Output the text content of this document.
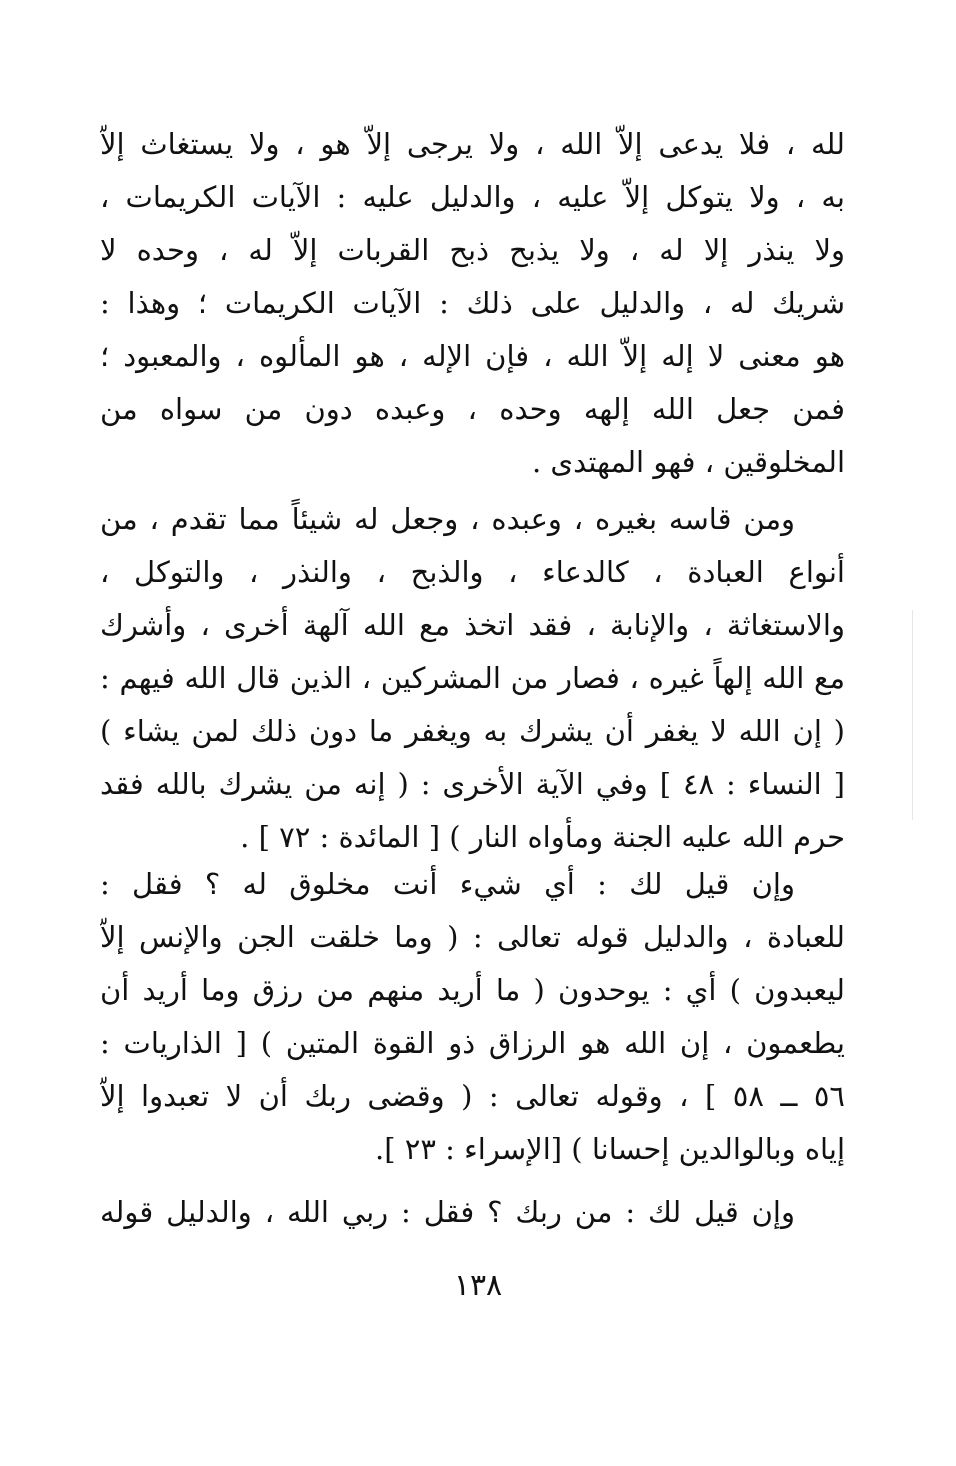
لله ، فلا يدعى إلاّ الله ، ولا يرجى إلاّ هو ، ولا يستغاث إلاّ
به ، ولا يتوكل إلاّ عليه ، والدليل عليه : الآيات الكريمات ،
ولا ينذر إلا له ، ولا يذبح ذبح القربات إلاّ له ، وحده لا
شريك له ، والدليل على ذلك : الآيات الكريمات ؛ وهذا :
هو معنى لا إله إلاّ الله ، فإن الإله ، هو المألوه ، والمعبود ؛
فمن جعل الله إلهه وحده ، وعبده دون من سواه من
المخلوقين ، فهو المهتدى .
ومن قاسه بغيره ، وعبده ، وجعل له شيئاً مما تقدم ، من
أنواع العبادة ، كالدعاء ، والذبح ، والنذر ، والتوكل ،
والاستغاثة ، والإنابة ، فقد اتخذ مع الله آلهة أخرى ، وأشرك
مع الله إلهاً غيره ، فصار من المشركين ، الذين قال الله فيهم :
( إن الله لا يغفر أن يشرك به ويغفر ما دون ذلك لمن يشاء )
[ النساء : ٤٨ ] وفي الآية الأخرى : ( إنه من يشرك بالله فقد
حرم الله عليه الجنة ومأواه النار ) [ المائدة : ٧٢ ] .
وإن قيل لك : أي شيء أنت مخلوق له ؟ فقل :
للعبادة ، والدليل قوله تعالى : ( وما خلقت الجن والإنس إلاّ
ليعبدون ) أي : يوحدون ( ما أريد منهم من رزق وما أريد أن
يطعمون ، إن الله هو الرزاق ذو القوة المتين ) [ الذاريات :
٥٦ ــ ٥٨ ] ، وقوله تعالى : ( وقضى ربك أن لا تعبدوا إلاّ
إياه وبالوالدين إحسانا ) [الإسراء : ٢٣ ].
وإن قيل لك : من ربك ؟ فقل : ربي الله ، والدليل قوله
١٣٨
